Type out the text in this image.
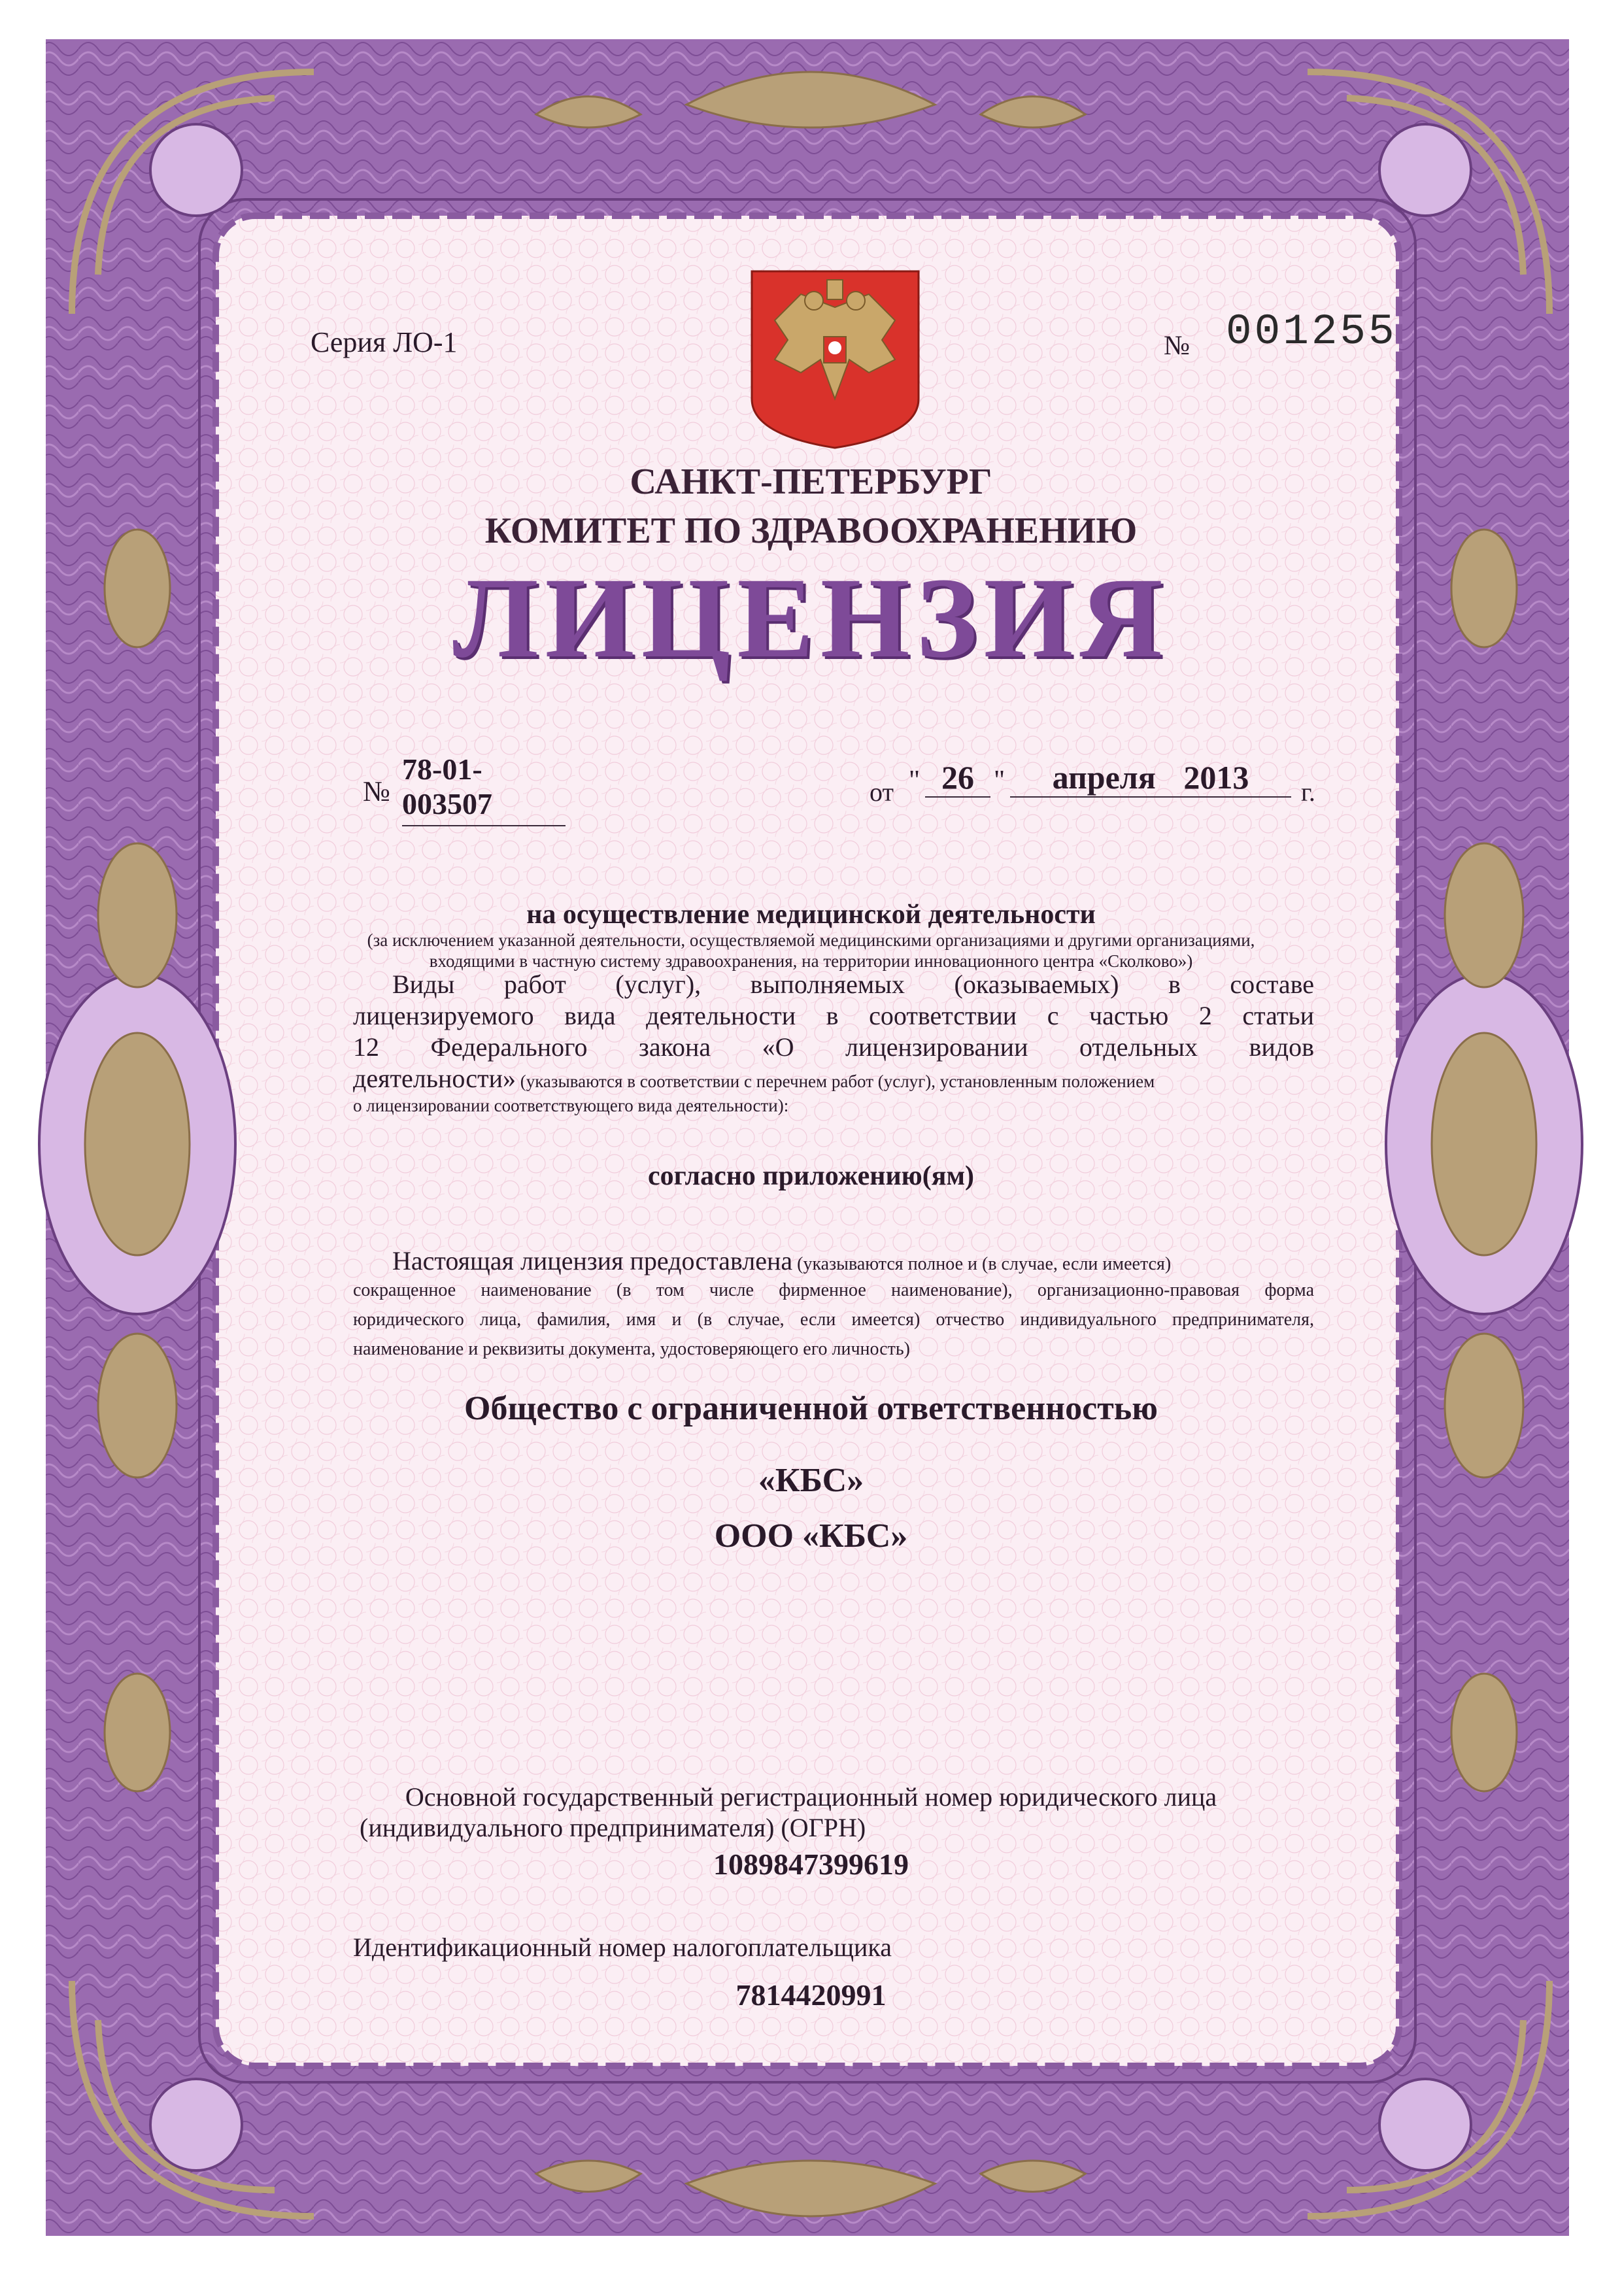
Серия ЛО-1	№ 001255
САНКТ-ПЕТЕРБУРГ
КОМИТЕТ ПО ЗДРАВООХРАНЕНИЮ
ЛИЦЕНЗИЯ
№
78-01-003507	от " 26 "	апреля 2013	г.
на осуществление медицинской деятельности
(за исключением указанной деятельности, осуществляемой медицинскими организациями и другими организациями,
входящими в частную систему здравоохранения, на территории инновационного центра «Сколково»)
Виды работ (услуг), выполняемых (оказываемых) в составе
лицензируемого вида деятельности в соответствии с частью 2 статьи
12 Федерального закона «О лицензировании отдельных видов
деятельности» (указываются в соответствии с перечнем работ (услуг), установленным положением
о лицензировании соответствующего вида деятельности):
согласно приложению(ям)
Настоящая лицензия предоставлена (указываются полное и (в случае, если имеется)
сокращенное наименование (в том числе фирменное наименование), организационно-правовая форма
юридического лица, фамилия, имя и (в случае, если имеется) отчество индивидуального предпринимателя,
наименование и реквизиты документа, удостоверяющего его личность)
Общество с ограниченной ответственностью
«КБС»
ООО «КБС»
Основной государственный регистрационный номер юридического лица
(индивидуального предпринимателя) (ОГРН)
1089847399619
Идентификационный номер налогоплательщика
7814420991
